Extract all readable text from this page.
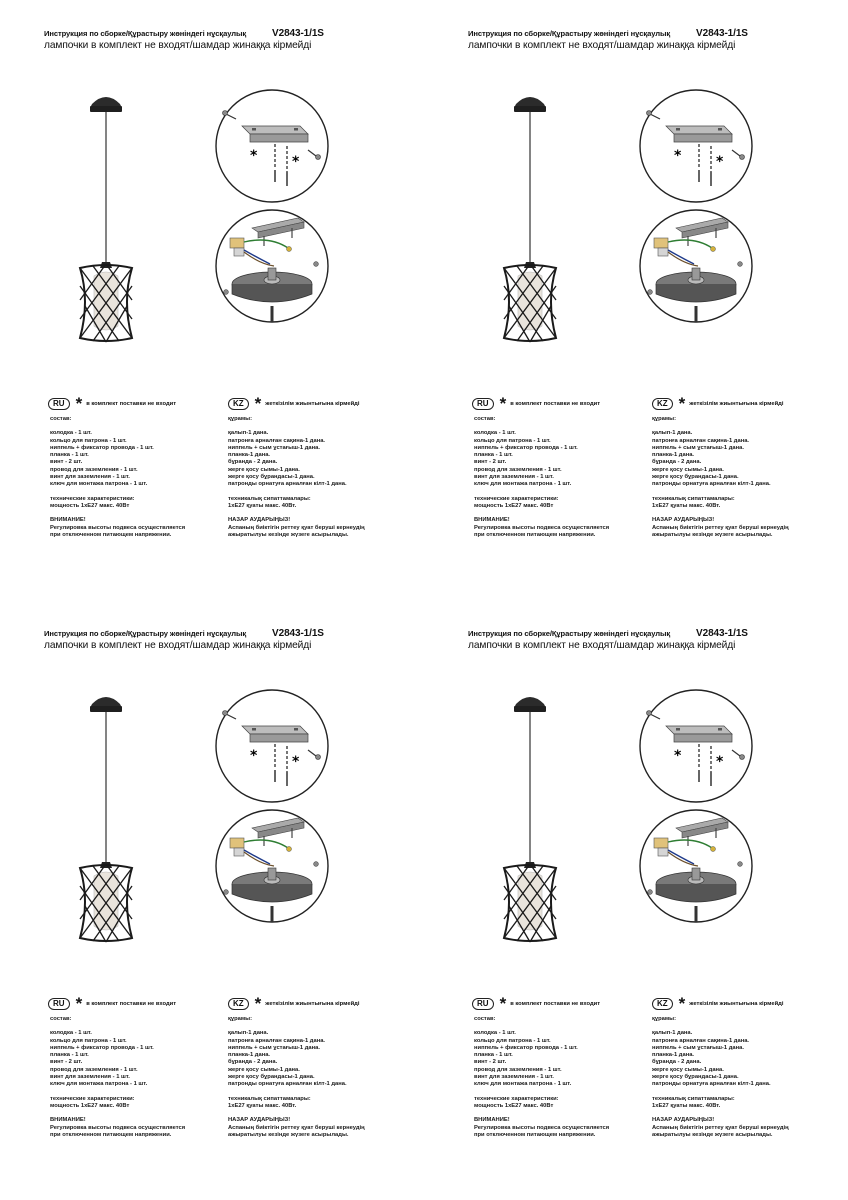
Инструкция по сборке/Құрастыру жөніндегі нұсқаулық	V2843-1/1S
лампочки в комплект не входят/шамдар жинаққа кірмейді
RU * в комплект поставки не входит	KZ * жеткізілім жиынтығына кірмейді
состав:
колодка - 1 шт.
кольцо для патрона - 1 шт.
ниппель + фиксатор провода - 1 шт.
планка - 1 шт.
винт - 2 шт.
провод для заземления - 1 шт.
винт для заземления - 1 шт.
ключ для монтажа патрона - 1 шт.
технические характеристики:
мощность 1xE27 макс. 40Вт
ВНИМАНИЕ!
Регулировка высоты подвеса осуществляется
при отключенном питающем напряжении.
құрамы:
қалып-1 дана.
патронға арналған сақина-1 дана.
ниппель + сым ұстағыш-1 дана.
планка-1 дана.
бұранда - 2 дана.
жерге қосу сымы-1 дана.
жерге қосу бұрандасы-1 дана.
патронды орнатуға арналған кілт-1 дана.
техникалық сипаттамалары:
1xE27 қуаты макс. 40Вт.
НАЗАР АУДАРЫҢЫЗ!
Аспаның биіктігін реттеу қуат беруші кернеудің
ажыратылуы кезінде жүзеге асырылады.
Инструкция по сборке/Құрастыру жөніндегі нұсқаулық	V2843-1/1S
лампочки в комплект не входят/шамдар жинаққа кірмейді
RU * в комплект поставки не входит	KZ * жеткізілім жиынтығына кірмейді
состав:
колодка - 1 шт.
кольцо для патрона - 1 шт.
ниппель + фиксатор провода - 1 шт.
планка - 1 шт.
винт - 2 шт.
провод для заземления - 1 шт.
винт для заземления - 1 шт.
ключ для монтажа патрона - 1 шт.
технические характеристики:
мощность 1xE27 макс. 40Вт
ВНИМАНИЕ!
Регулировка высоты подвеса осуществляется
при отключенном питающем напряжении.
құрамы:
қалып-1 дана.
патронға арналған сақина-1 дана.
ниппель + сым ұстағыш-1 дана.
планка-1 дана.
бұранда - 2 дана.
жерге қосу сымы-1 дана.
жерге қосу бұрандасы-1 дана.
патронды орнатуға арналған кілт-1 дана.
техникалық сипаттамалары:
1xE27 қуаты макс. 40Вт.
НАЗАР АУДАРЫҢЫЗ!
Аспаның биіктігін реттеу қуат беруші кернеудің
ажыратылуы кезінде жүзеге асырылады.
Инструкция по сборке/Құрастыру жөніндегі нұсқаулық	V2843-1/1S
лампочки в комплект не входят/шамдар жинаққа кірмейді
RU * в комплект поставки не входит	KZ * жеткізілім жиынтығына кірмейді
состав:
колодка - 1 шт.
кольцо для патрона - 1 шт.
ниппель + фиксатор провода - 1 шт.
планка - 1 шт.
винт - 2 шт.
провод для заземления - 1 шт.
винт для заземления - 1 шт.
ключ для монтажа патрона - 1 шт.
технические характеристики:
мощность 1xE27 макс. 40Вт
ВНИМАНИЕ!
Регулировка высоты подвеса осуществляется
при отключенном питающем напряжении.
құрамы:
қалып-1 дана.
патронға арналған сақина-1 дана.
ниппель + сым ұстағыш-1 дана.
планка-1 дана.
бұранда - 2 дана.
жерге қосу сымы-1 дана.
жерге қосу бұрандасы-1 дана.
патронды орнатуға арналған кілт-1 дана.
техникалық сипаттамалары:
1xE27 қуаты макс. 40Вт.
НАЗАР АУДАРЫҢЫЗ!
Аспаның биіктігін реттеу қуат беруші кернеудің
ажыратылуы кезінде жүзеге асырылады.
Инструкция по сборке/Құрастыру жөніндегі нұсқаулық	V2843-1/1S
лампочки в комплект не входят/шамдар жинаққа кірмейді
RU * в комплект поставки не входит	KZ * жеткізілім жиынтығына кірмейді
состав:
колодка - 1 шт.
кольцо для патрона - 1 шт.
ниппель + фиксатор провода - 1 шт.
планка - 1 шт.
винт - 2 шт.
провод для заземления - 1 шт.
винт для заземления - 1 шт.
ключ для монтажа патрона - 1 шт.
технические характеристики:
мощность 1xE27 макс. 40Вт
ВНИМАНИЕ!
Регулировка высоты подвеса осуществляется
при отключенном питающем напряжении.
құрамы:
қалып-1 дана.
патронға арналған сақина-1 дана.
ниппель + сым ұстағыш-1 дана.
планка-1 дана.
бұранда - 2 дана.
жерге қосу сымы-1 дана.
жерге қосу бұрандасы-1 дана.
патронды орнатуға арналған кілт-1 дана.
техникалық сипаттамалары:
1xE27 қуаты макс. 40Вт.
НАЗАР АУДАРЫҢЫЗ!
Аспаның биіктігін реттеу қуат беруші кернеудің
ажыратылуы кезінде жүзеге асырылады.
